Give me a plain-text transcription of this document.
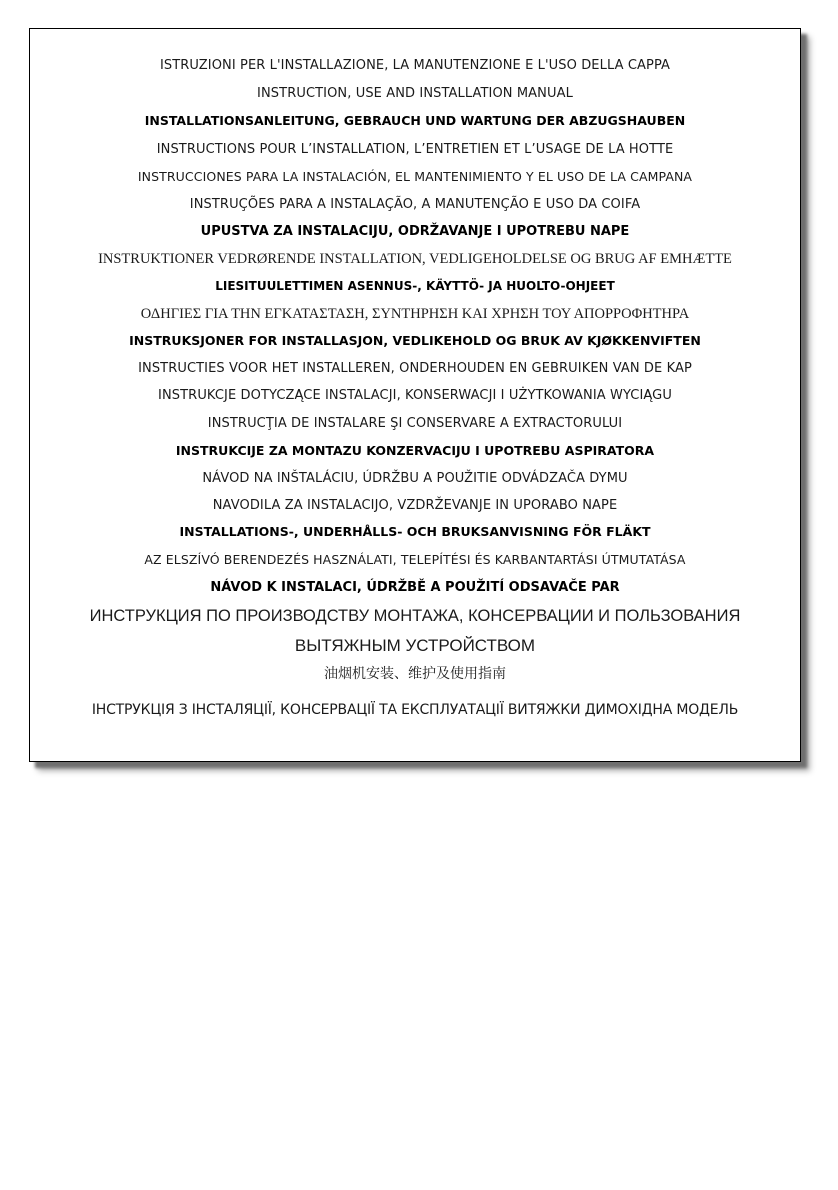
ISTRUZIONI PER L'INSTALLAZIONE, LA MANUTENZIONE E L'USO DELLA CAPPA
INSTRUCTION, USE AND INSTALLATION MANUAL
INSTALLATIONSANLEITUNG, GEBRAUCH UND WARTUNG DER ABZUGSHAUBEN
INSTRUCTIONS POUR L’INSTALLATION, L’ENTRETIEN ET L’USAGE DE LA HOTTE
INSTRUCCIONES PARA LA INSTALACIÓN, EL MANTENIMIENTO Y EL USO DE LA CAMPANA
INSTRUÇÕES PARA A INSTALAÇÃO, A MANUTENÇÃO E USO DA COIFA
UPUSTVA ZA INSTALACIJU, ODRŽAVANJE I UPOTREBU NAPE
INSTRUKTIONER VEDRØRENDE INSTALLATION, VEDLIGEHOLDELSE OG BRUG AF EMHÆTTE
LIESITUULETTIMEN ASENNUS-, KÄYTTÖ- JA HUOLTO-OHJEET
ΟΔΗΓΙΕΣ ΓΙΑ ΤΗΝ ΕΓΚΑΤΑΣΤΑΣΗ, ΣΥΝΤΗΡΗΣΗ ΚΑΙ ΧΡΗΣΗ ΤΟΥ ΑΠΟΡΡΟΦΗΤΗΡΑ
INSTRUKSJONER FOR INSTALLASJON, VEDLIKEHOLD OG BRUK AV KJØKKENVIFTEN
INSTRUCTIES VOOR HET INSTALLEREN, ONDERHOUDEN EN GEBRUIKEN VAN DE KAP
INSTRUKCJE DOTYCZĄCE INSTALACJI, KONSERWACJI I UŻYTKOWANIA WYCIĄGU
INSTRUCŢIA DE INSTALARE ŞI CONSERVARE A EXTRACTORULUI
INSTRUKCIJE ZA MONTAZU KONZERVACIJU I UPOTREBU ASPIRATORA
NÁVOD NA INŠTALÁCIU, ÚDRŽBU A POUŽITIE ODVÁDZAČA DYMU
NAVODILA ZA INSTALACIJO, VZDRŽEVANJE IN UPORABO NAPE
INSTALLATIONS-, UNDERHÅLLS- OCH BRUKSANVISNING FÖR FLÄKT
AZ ELSZÍVÓ BERENDEZÉS HASZNÁLATI, TELEPÍTÉSI ÉS KARBANTARTÁSI ÚTMUTATÁSA
NÁVOD K INSTALACI, ÚDRŽBĚ A POUŽITÍ ODSAVAČE PAR
ИНСТРУКЦИЯ ПО ПРОИЗВОДСТВУ МОНТАЖА, КОНСЕРВАЦИИ И ПОЛЬЗОВАНИЯ
ВЫТЯЖНЫМ УСТРОЙСТВОМ
油烟机安装、维护及使用指南
ІНСТРУКЦІЯ З ІНСТАЛЯЦІЇ, КОНСЕРВАЦІЇ ТА ЕКСПЛУАТАЦІЇ ВИТЯЖКИ ДИМОХІДНА МОДЕЛЬ
